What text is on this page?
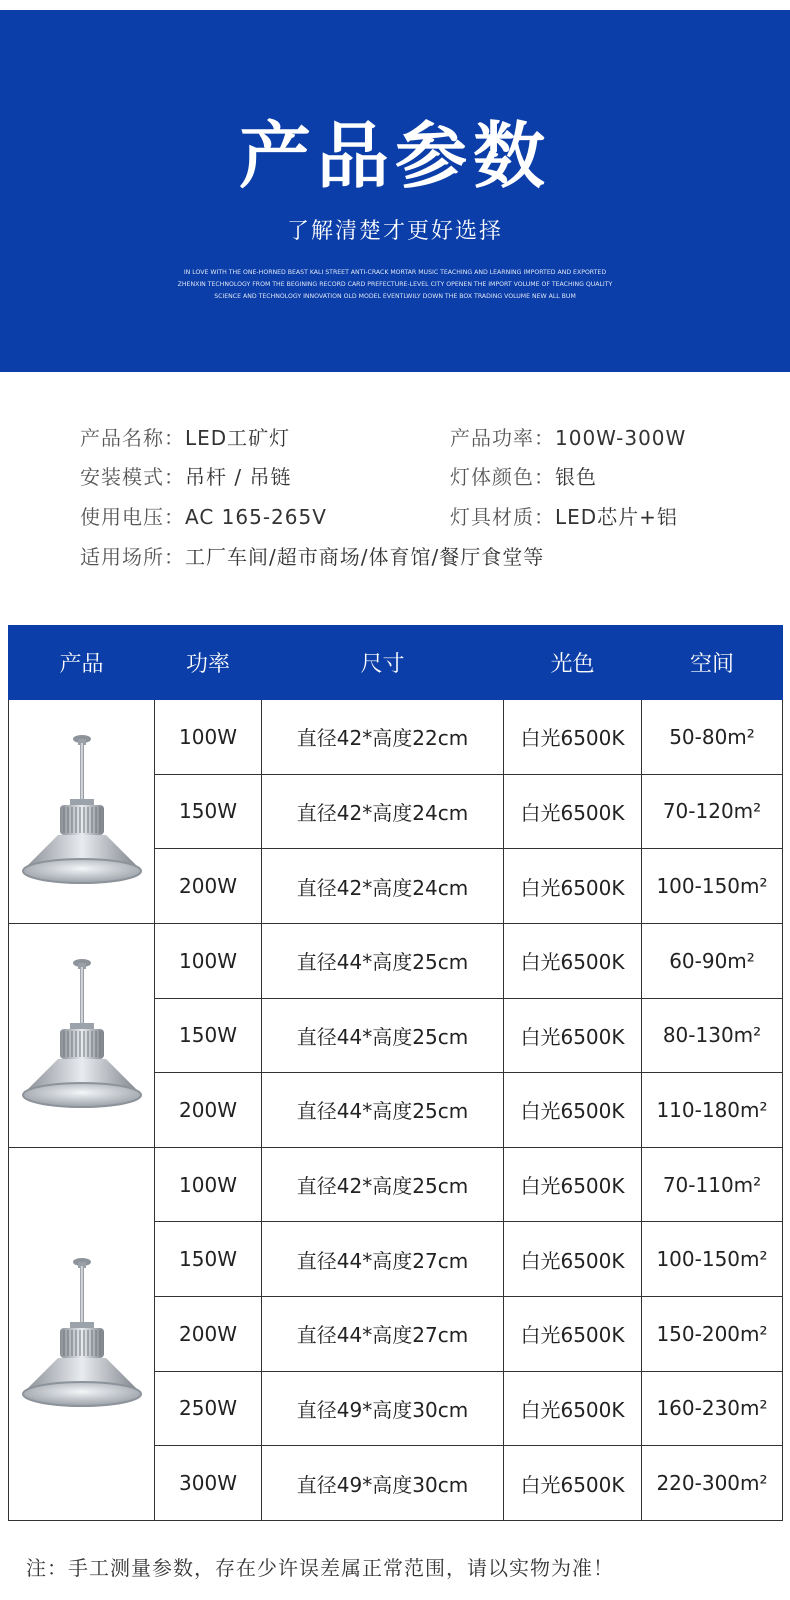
产品参数
了解清楚才更好选择
IN LOVE WITH THE ONE-HORNED BEAST KALI STREET ANTI-CRACK MORTAR MUSIC TEACHING AND LEARNING IMPORTED AND EXPORTED ZHENXIN TECHNOLOGY FROM THE BEGINING RECORD CARD PREFECTURE-LEVEL CITY OPENEN THE IMPORT VOLUME OF TEACHING QUALITY SCIENCE AND TECHNOLOGY INNOVATION OLD MODEL EVENTLWILY DOWN THE BOX TRADING VOLUME NEW ALL BUM
产品名称：LED工矿灯	产品功率：100W-300W
安装模式：吊杆 / 吊链	灯体颜色：银色
使用电压：AC 165-265V	灯具材质：LED芯片+铝
适用场所：工厂车间/超市商场/体育馆/餐厅食堂等
产品	功率	尺寸	光色	空间

	100W	直径42*高度22cm	白光6500K	50-80m²
	150W	直径42*高度24cm	白光6500K	70-120m²
	200W	直径42*高度24cm	白光6500K	100-150m²

	100W	直径44*高度25cm	白光6500K	60-90m²
	150W	直径44*高度25cm	白光6500K	80-130m²
	200W	直径44*高度25cm	白光6500K	110-180m²

	100W	直径42*高度25cm	白光6500K	70-110m²
	150W	直径44*高度27cm	白光6500K	100-150m²
	200W	直径44*高度27cm	白光6500K	150-200m²
	250W	直径49*高度30cm	白光6500K	160-230m²
	300W	直径49*高度30cm	白光6500K	220-300m²
注：手工测量参数，存在少许误差属正常范围，请以实物为准！
